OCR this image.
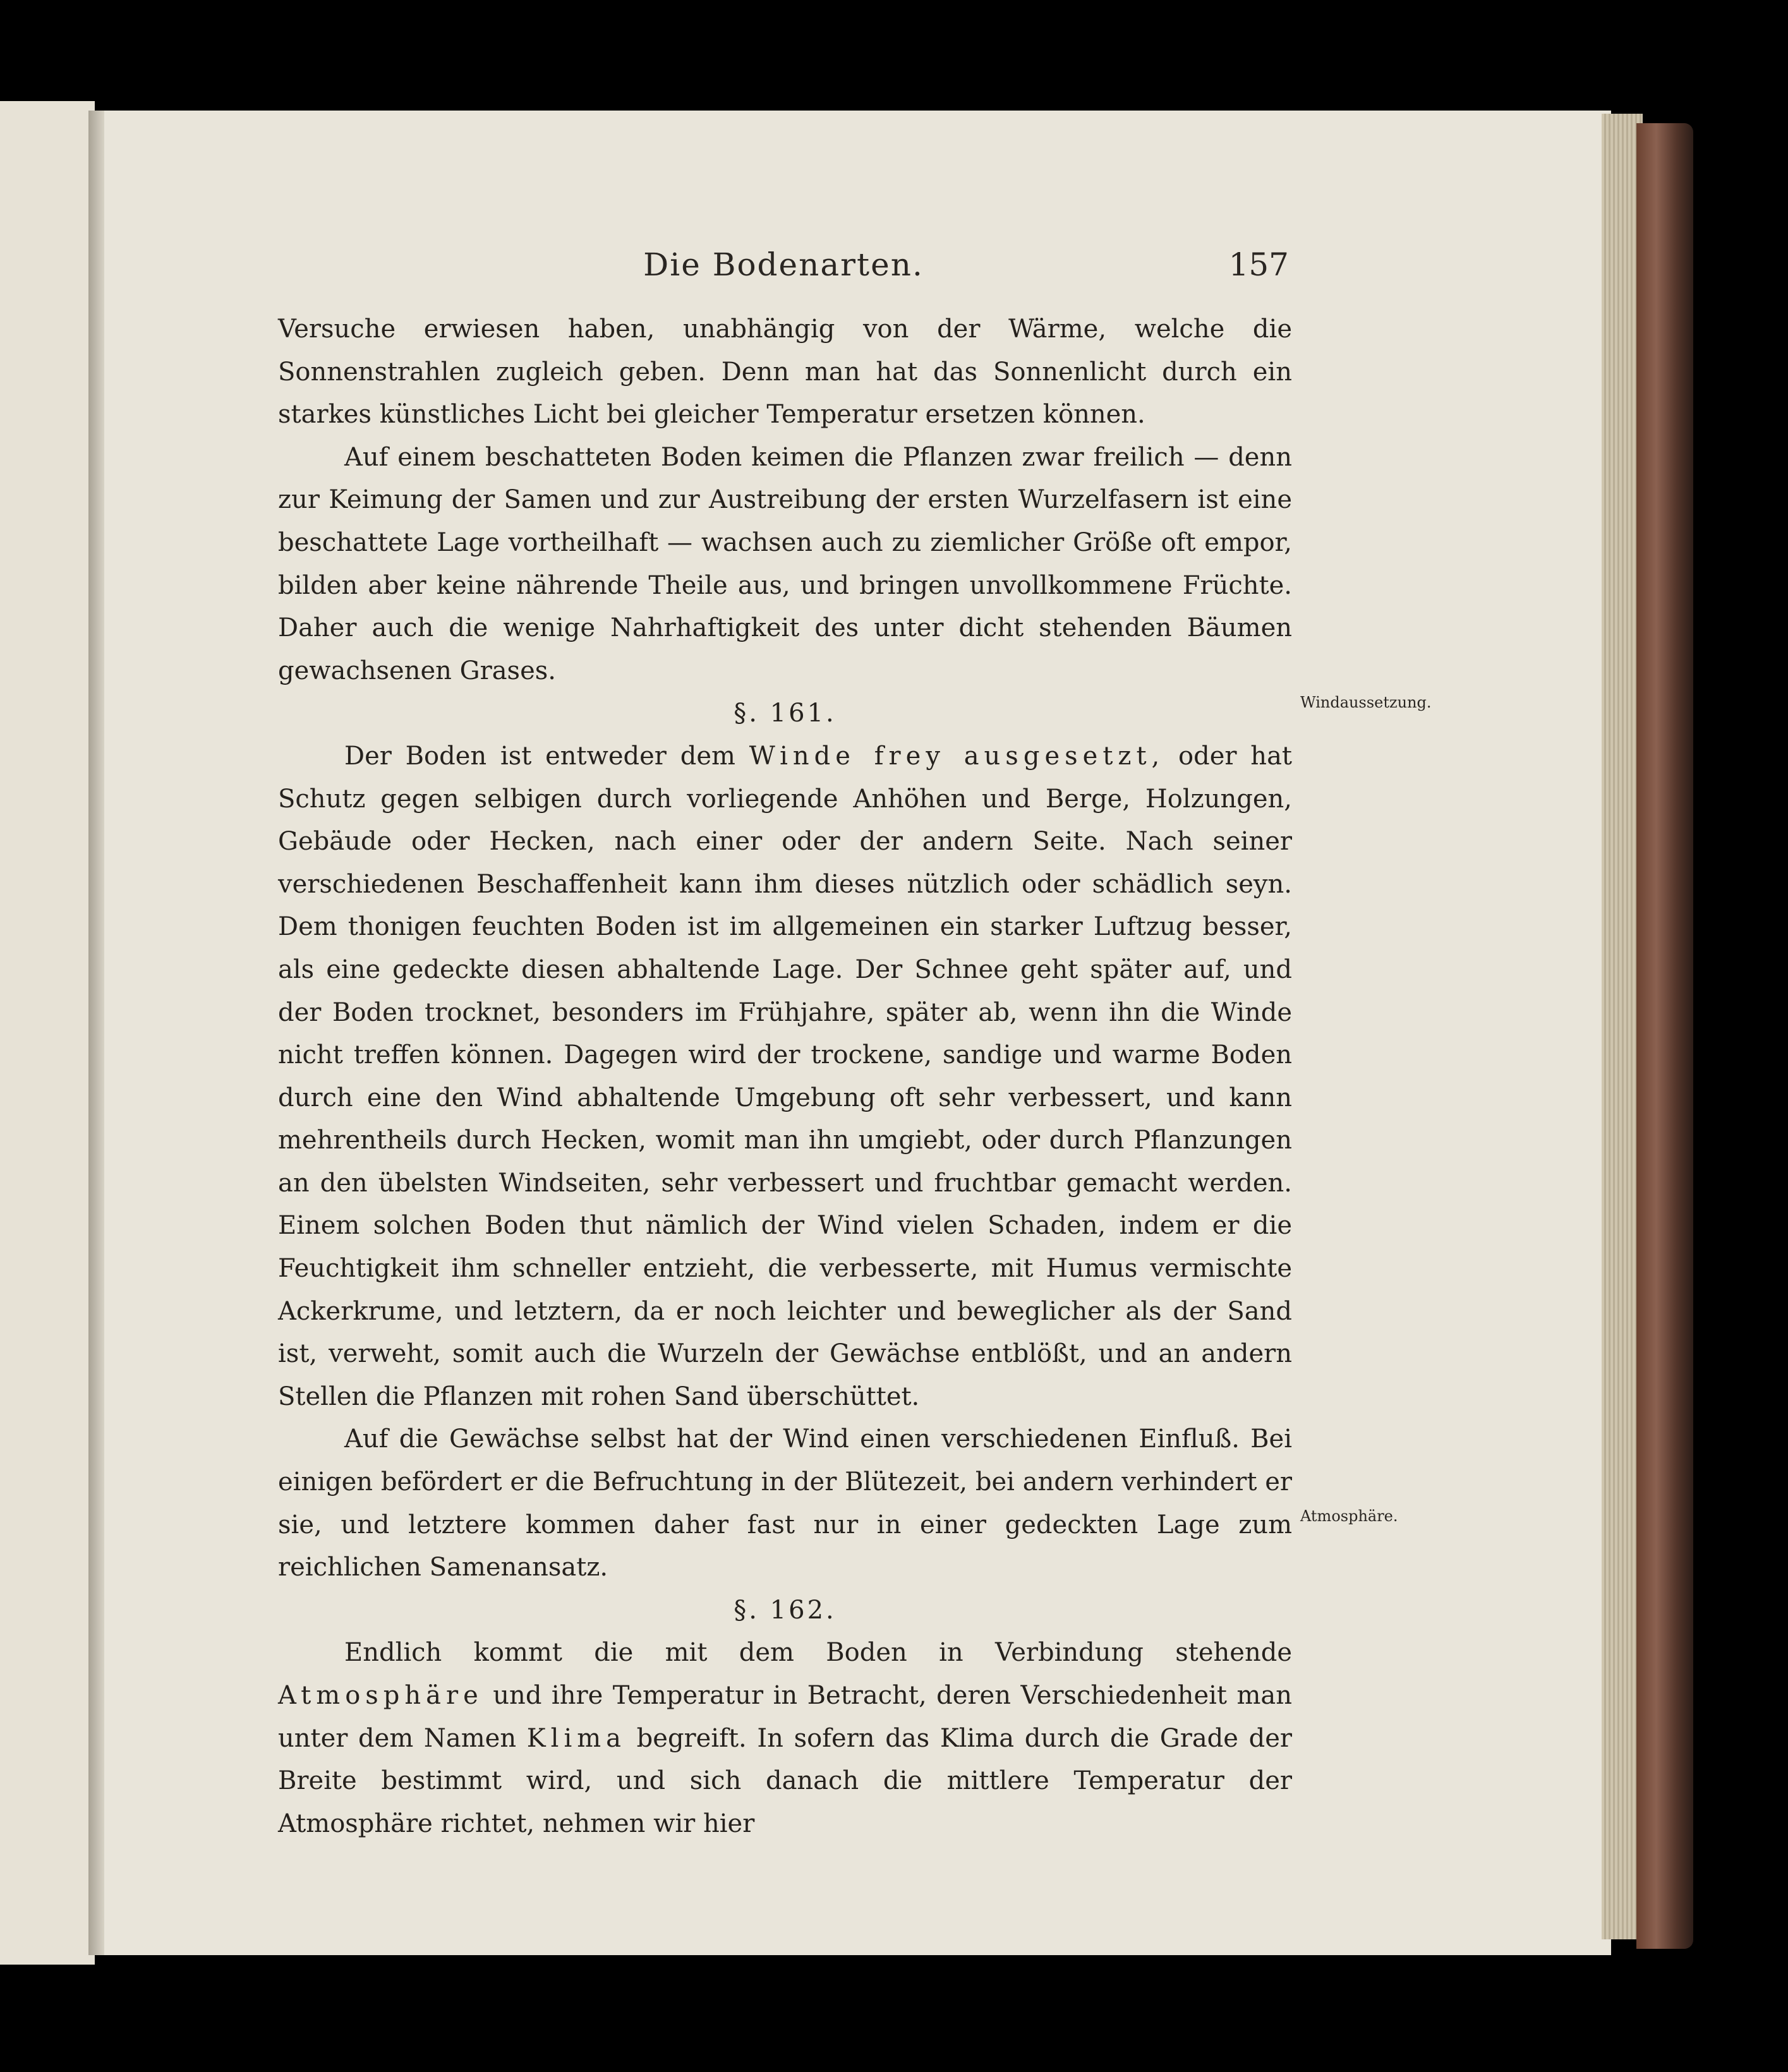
Die Bodenarten.	157

Versuche erwiesen haben, unabhängig von der Wärme, welche die Sonnenstrahlen zugleich geben. Denn man hat das Sonnenlicht durch ein starkes künstliches Licht bei gleicher Temperatur ersetzen können.

Auf einem beschatteten Boden keimen die Pflanzen zwar freilich — denn zur Keimung der Samen und zur Austreibung der ersten Wurzelfasern ist eine beschattete Lage vortheilhaft — wachsen auch zu ziemlicher Größe oft empor, bilden aber keine nährende Theile aus, und bringen unvollkommene Früchte. Daher auch die wenige Nahrhaftigkeit des unter dicht stehenden Bäumen gewachsenen Grases.

§. 161.

Der Boden ist entweder dem Winde frey ausgesetzt, oder hat Schutz gegen selbigen durch vorliegende Anhöhen und Berge, Holzungen, Gebäude oder Hecken, nach einer oder der andern Seite. Nach seiner verschiedenen Beschaffenheit kann ihm dieses nützlich oder schädlich seyn. Dem thonigen feuchten Boden ist im allgemeinen ein starker Luftzug besser, als eine gedeckte diesen abhaltende Lage. Der Schnee geht später auf, und der Boden trocknet, besonders im Frühjahre, später ab, wenn ihn die Winde nicht treffen können. Dagegen wird der trockene, sandige und warme Boden durch eine den Wind abhaltende Umgebung oft sehr verbessert, und kann mehrentheils durch Hecken, womit man ihn umgiebt, oder durch Pflanzungen an den übelsten Windseiten, sehr verbessert und fruchtbar gemacht werden. Einem solchen Boden thut nämlich der Wind vielen Schaden, indem er die Feuchtigkeit ihm schneller entzieht, die verbesserte, mit Humus vermischte Ackerkrume, und letztern, da er noch leichter und beweglicher als der Sand ist, verweht, somit auch die Wurzeln der Gewächse entblößt, und an andern Stellen die Pflanzen mit rohen Sand überschüttet.

Auf die Gewächse selbst hat der Wind einen verschiedenen Einfluß. Bei einigen befördert er die Befruchtung in der Blütezeit, bei andern verhindert er sie, und letztere kommen daher fast nur in einer gedeckten Lage zum reichlichen Samenansatz.

§. 162.

Endlich kommt die mit dem Boden in Verbindung stehende Atmosphäre und ihre Temperatur in Betracht, deren Verschiedenheit man unter dem Namen Klima begreift. In sofern das Klima durch die Grade der Breite bestimmt wird, und sich danach die mittlere Temperatur der Atmosphäre richtet, nehmen wir hier

Windaussetzung.
Atmosphäre.
